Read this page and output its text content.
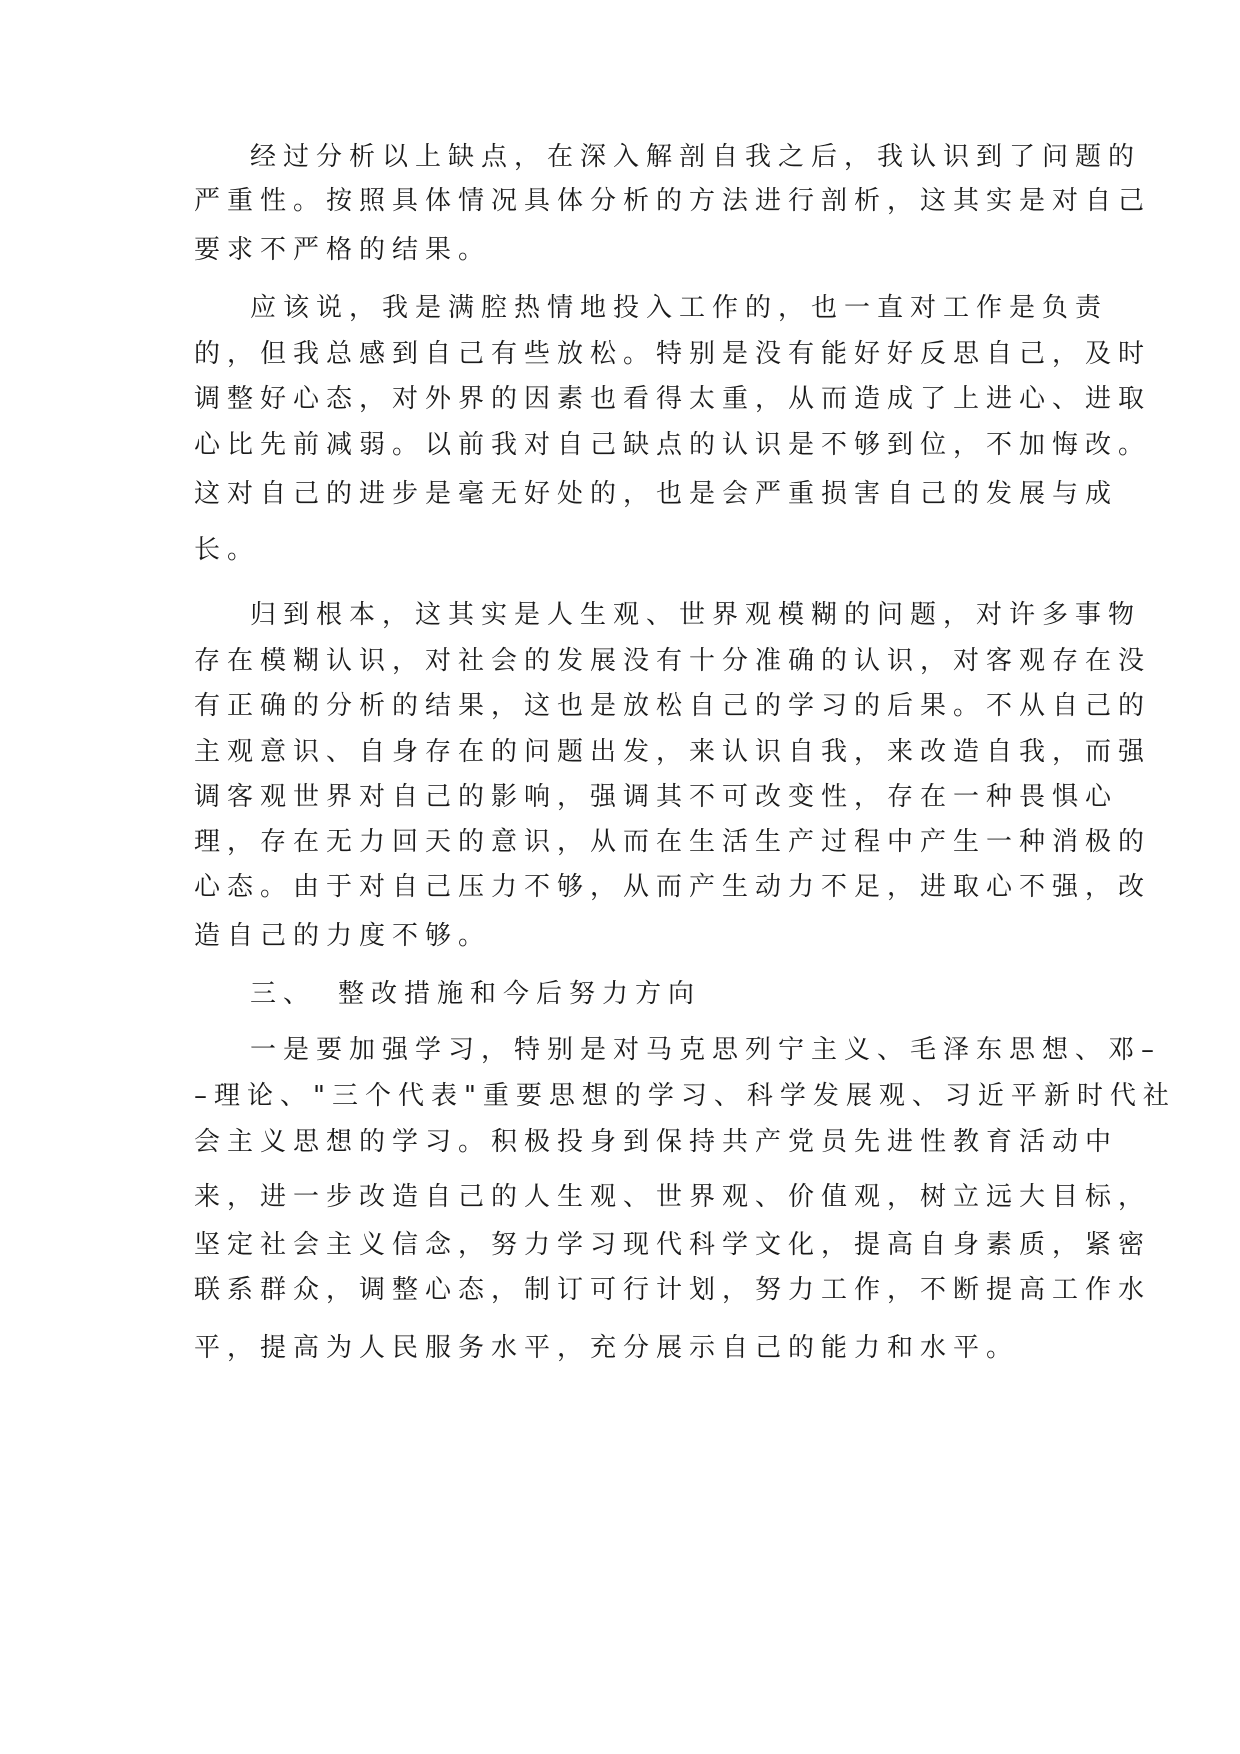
经过分析以上缺点，在深入解剖自我之后，我认识到了问题的
严重性。按照具体情况具体分析的方法进行剖析，这其实是对自己
要求不严格的结果。
应该说，我是满腔热情地投入工作的，也一直对工作是负责
的，但我总感到自己有些放松。特别是没有能好好反思自己，及时
调整好心态，对外界的因素也看得太重，从而造成了上进心、进取
心比先前减弱。以前我对自己缺点的认识是不够到位，不加悔改。
这对自己的进步是毫无好处的，也是会严重损害自己的发展与成
长。
归到根本，这其实是人生观、世界观模糊的问题，对许多事物
存在模糊认识，对社会的发展没有十分准确的认识，对客观存在没
有正确的分析的结果，这也是放松自己的学习的后果。不从自己的
主观意识、自身存在的问题出发，来认识自我，来改造自我，而强
调客观世界对自己的影响，强调其不可改变性，存在一种畏惧心
理，存在无力回天的意识，从而在生活生产过程中产生一种消极的
心态。由于对自己压力不够，从而产生动力不足，进取心不强，改
造自己的力度不够。
三、 整改措施和今后努力方向
一是要加强学习，特别是对马克思列宁主义、毛泽东思想、邓–
–理论、"三个代表"重要思想的学习、科学发展观、习近平新时代社
会主义思想的学习。积极投身到保持共产党员先进性教育活动中
来，进一步改造自己的人生观、世界观、价值观，树立远大目标，
坚定社会主义信念，努力学习现代科学文化，提高自身素质，紧密
联系群众，调整心态，制订可行计划，努力工作，不断提高工作水
平，提高为人民服务水平，充分展示自己的能力和水平。
